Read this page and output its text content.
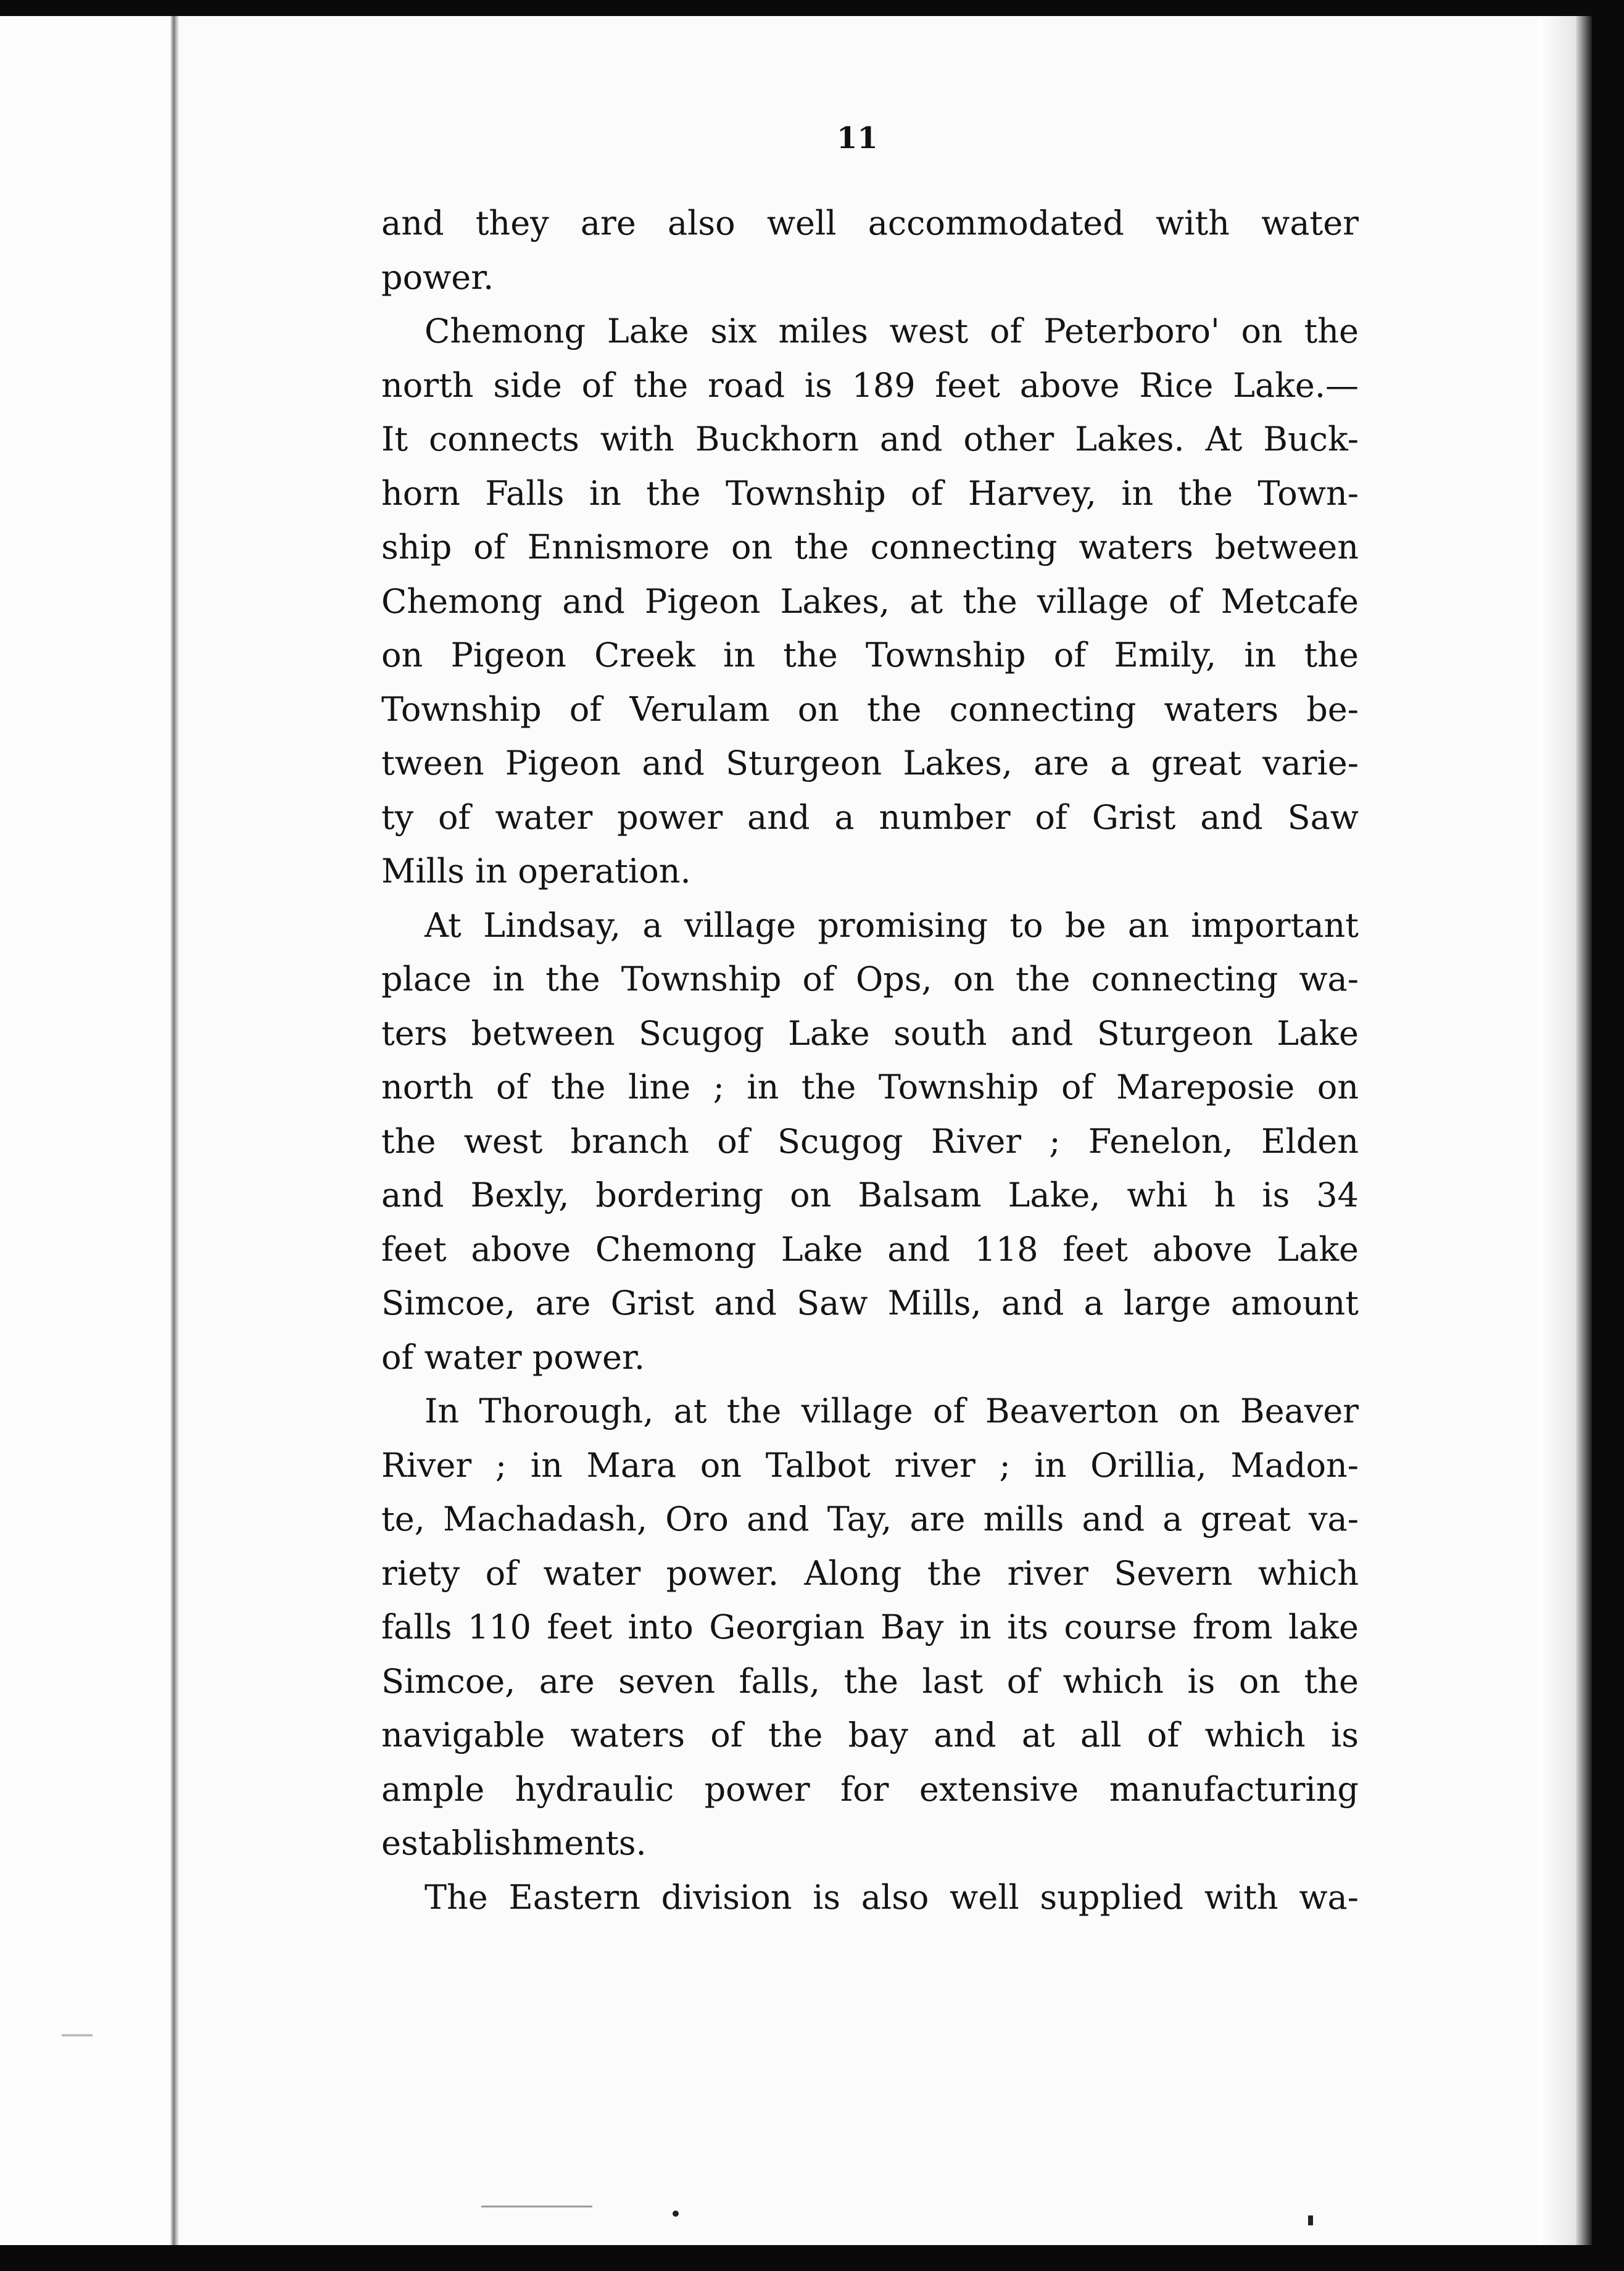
11
and they are also well accommodated with water
power.
Chemong Lake six miles west of Peterboro' on the
north side of the road is 189 feet above Rice Lake.—
It connects with Buckhorn and other Lakes. At Buck-
horn Falls in the Township of Harvey, in the Town-
ship of Ennismore on the connecting waters between
Chemong and Pigeon Lakes, at the village of Metcafe
on Pigeon Creek in the Township of Emily, in the
Township of Verulam on the connecting waters be-
tween Pigeon and Sturgeon Lakes, are a great varie-
ty of water power and a number of Grist and Saw
Mills in operation.
At Lindsay, a village promising to be an important
place in the Township of Ops, on the connecting wa-
ters between Scugog Lake south and Sturgeon Lake
north of the line ; in the Township of Mareposie on
the west branch of Scugog River ; Fenelon, Elden
and Bexly, bordering on Balsam Lake, whi h is 34
feet above Chemong Lake and 118 feet above Lake
Simcoe, are Grist and Saw Mills, and a large amount
of water power.
In Thorough, at the village of Beaverton on Beaver
River ; in Mara on Talbot river ; in Orillia, Madon-
te, Machadash, Oro and Tay, are mills and a great va-
riety of water power. Along the river Severn which
falls 110 feet into Georgian Bay in its course from lake
Simcoe, are seven falls, the last of which is on the
navigable waters of the bay and at all of which is
ample hydraulic power for extensive manufacturing
establishments.
The Eastern division is also well supplied with wa-
